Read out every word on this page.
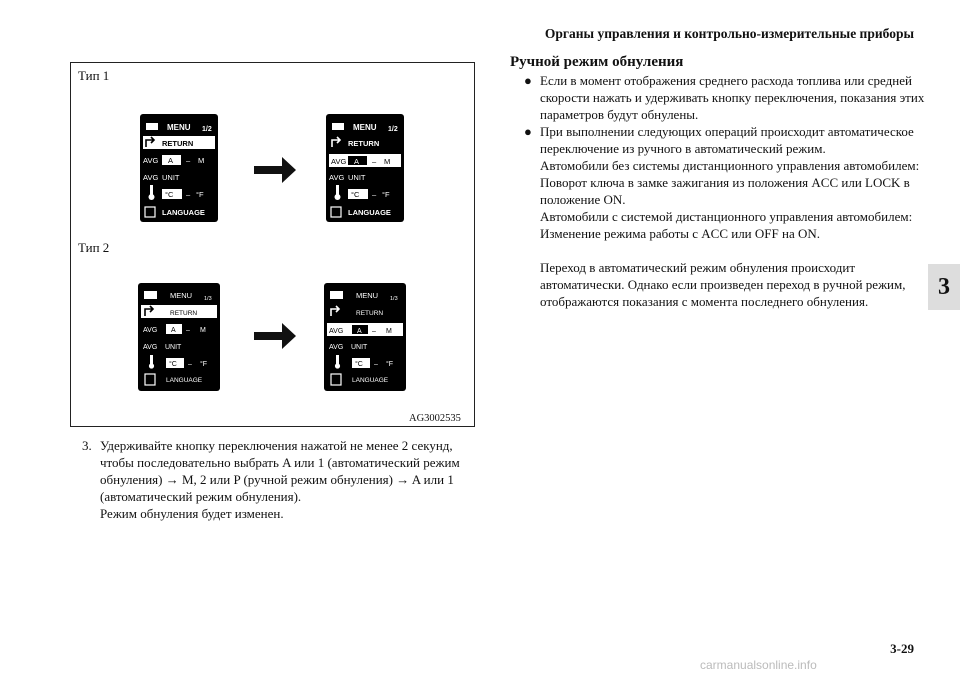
Органы управления и контрольно-измерительные приборы
3
Тип 1
Тип 2
MENU 1/2
RETURN
AVG A – M
AVG UNIT
°C – °F
LANGUAGE
MENU 1/2
RETURN
AVG A – M
AVG UNIT
°C – °F
LANGUAGE
MENU 1/3
RETURN
AVG A – M
AVG UNIT
°C – °F
LANGUAGE
MENU 1/3
RETURN
AVG A – M
AVG UNIT
°C – °F
LANGUAGE
AG3002535
3. Удерживайте кнопку переключения нажатой не менее 2 секунд, чтобы последовательно выбрать A или 1 (автоматический режим обнуления) → M, 2 или P (ручной режим обнуления) → A или 1 (автоматический режим обнуления).
Режим обнуления будет изменен.
Ручной режим обнуления
● Если в момент отображения среднего расхода топлива или средней скорости нажать и удерживать кнопку переключения, показания этих параметров будут обнулены.
● При выполнении следующих операций происходит автоматическое переключение из ручного в автоматический режим.
Автомобили без системы дистанционного управления автомобилем:
Поворот ключа в замке зажигания из положения ACC или LOCK в положение ON.
Автомобили с системой дистанционного управления автомобилем:
Изменение режима работы с ACC или OFF на ON.
Переход в автоматический режим обнуления происходит автоматически. Однако если произведен переход в ручной режим, отображаются показания с момента последнего обнуления.
3-29
carmanualsonline.info
